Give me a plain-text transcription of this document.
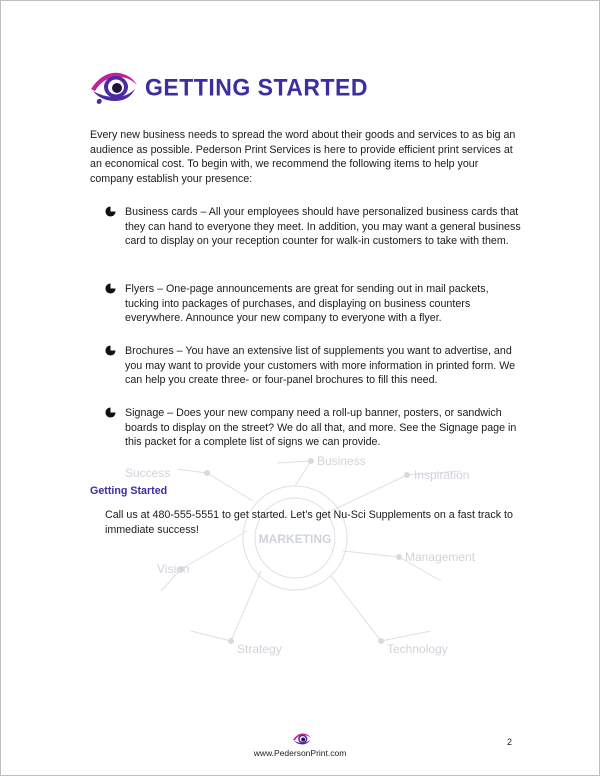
MARKETING
Business
Inspiration
Success
Management
Vision
Strategy	Technology
GETTING STARTED
Every new business needs to spread the word about their goods and services to as big an audience as possible. Pederson Print Services is here to provide efficient print services at an economical cost. To begin with, we recommend the following items to help your company establish your presence:
Business cards – All your employees should have personalized business cards that they can hand to everyone they meet. In addition, you may want a general business card to display on your reception counter for walk-in customers to take with them.
Flyers – One-page announcements are great for sending out in mail packets, tucking into packages of purchases, and displaying on business counters everywhere. Announce your new company to everyone with a flyer.
Brochures – You have an extensive list of supplements you want to advertise, and you may want to provide your customers with more information in printed form. We can help you create three- or four-panel brochures to fill this need.
Signage – Does your new company need a roll-up banner, posters, or sandwich boards to display on the street? We do all that, and more. See the Signage page in this packet for a complete list of signs we can provide.
Getting Started
Call us at 480-555-5551 to get started. Let’s get Nu-Sci Supplements on a fast track to immediate success!
www.PedersonPrint.com
2
